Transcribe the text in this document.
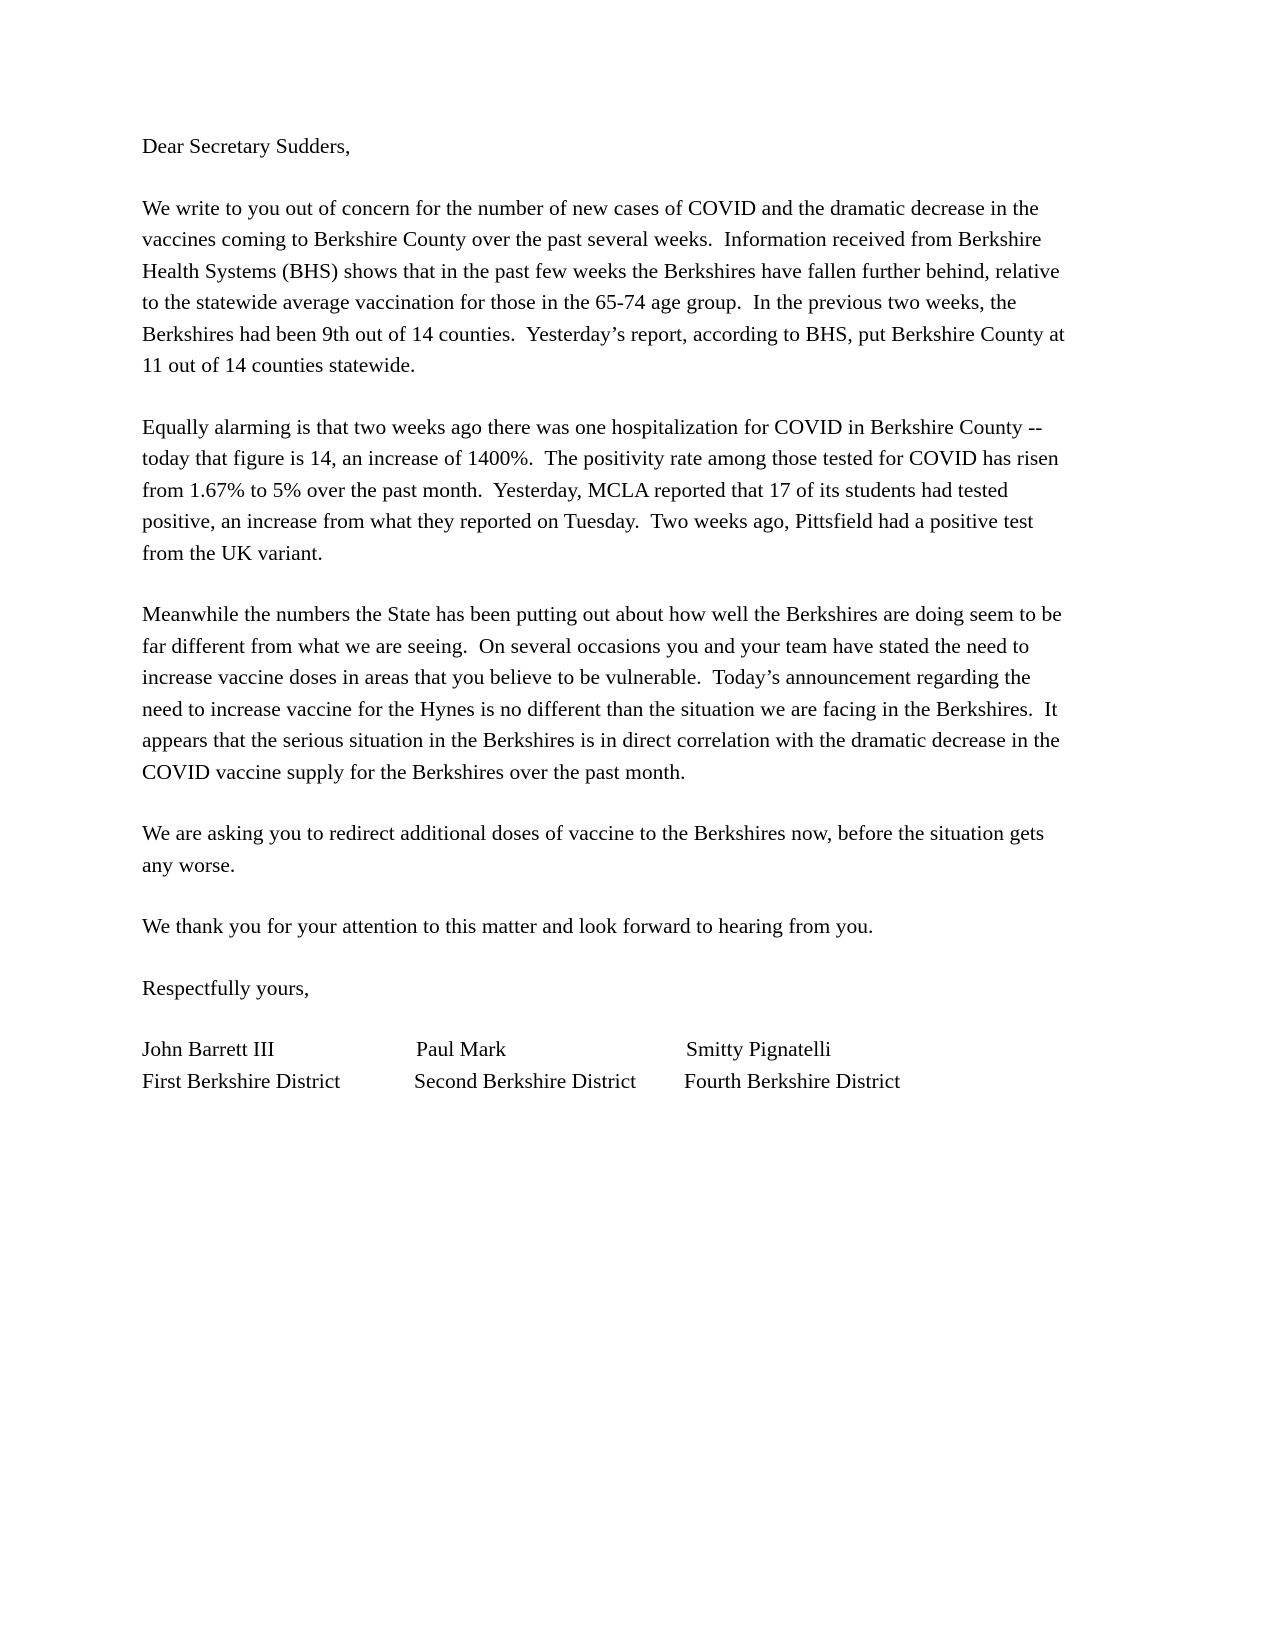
Dear Secretary Sudders,

We write to you out of concern for the number of new cases of COVID and the dramatic decrease in the vaccines coming to Berkshire County over the past several weeks.  Information received from Berkshire Health Systems (BHS) shows that in the past few weeks the Berkshires have fallen further behind, relative to the statewide average vaccination for those in the 65-74 age group.  In the previous two weeks, the Berkshires had been 9th out of 14 counties.  Yesterday’s report, according to BHS, put Berkshire County at 11 out of 14 counties statewide.

Equally alarming is that two weeks ago there was one hospitalization for COVID in Berkshire County -- today that figure is 14, an increase of 1400%.  The positivity rate among those tested for COVID has risen from 1.67% to 5% over the past month.  Yesterday, MCLA reported that 17 of its students had tested positive, an increase from what they reported on Tuesday.  Two weeks ago, Pittsfield had a positive test from the UK variant.

Meanwhile the numbers the State has been putting out about how well the Berkshires are doing seem to be far different from what we are seeing.  On several occasions you and your team have stated the need to increase vaccine doses in areas that you believe to be vulnerable.  Today’s announcement regarding the need to increase vaccine for the Hynes is no different than the situation we are facing in the Berkshires.  It appears that the serious situation in the Berkshires is in direct correlation with the dramatic decrease in the COVID vaccine supply for the Berkshires over the past month.

We are asking you to redirect additional doses of vaccine to the Berkshires now, before the situation gets any worse.

We thank you for your attention to this matter and look forward to hearing from you.

Respectfully yours,

John Barrett III	Paul Mark	Smitty Pignatelli
First Berkshire District	Second Berkshire District	Fourth Berkshire District
